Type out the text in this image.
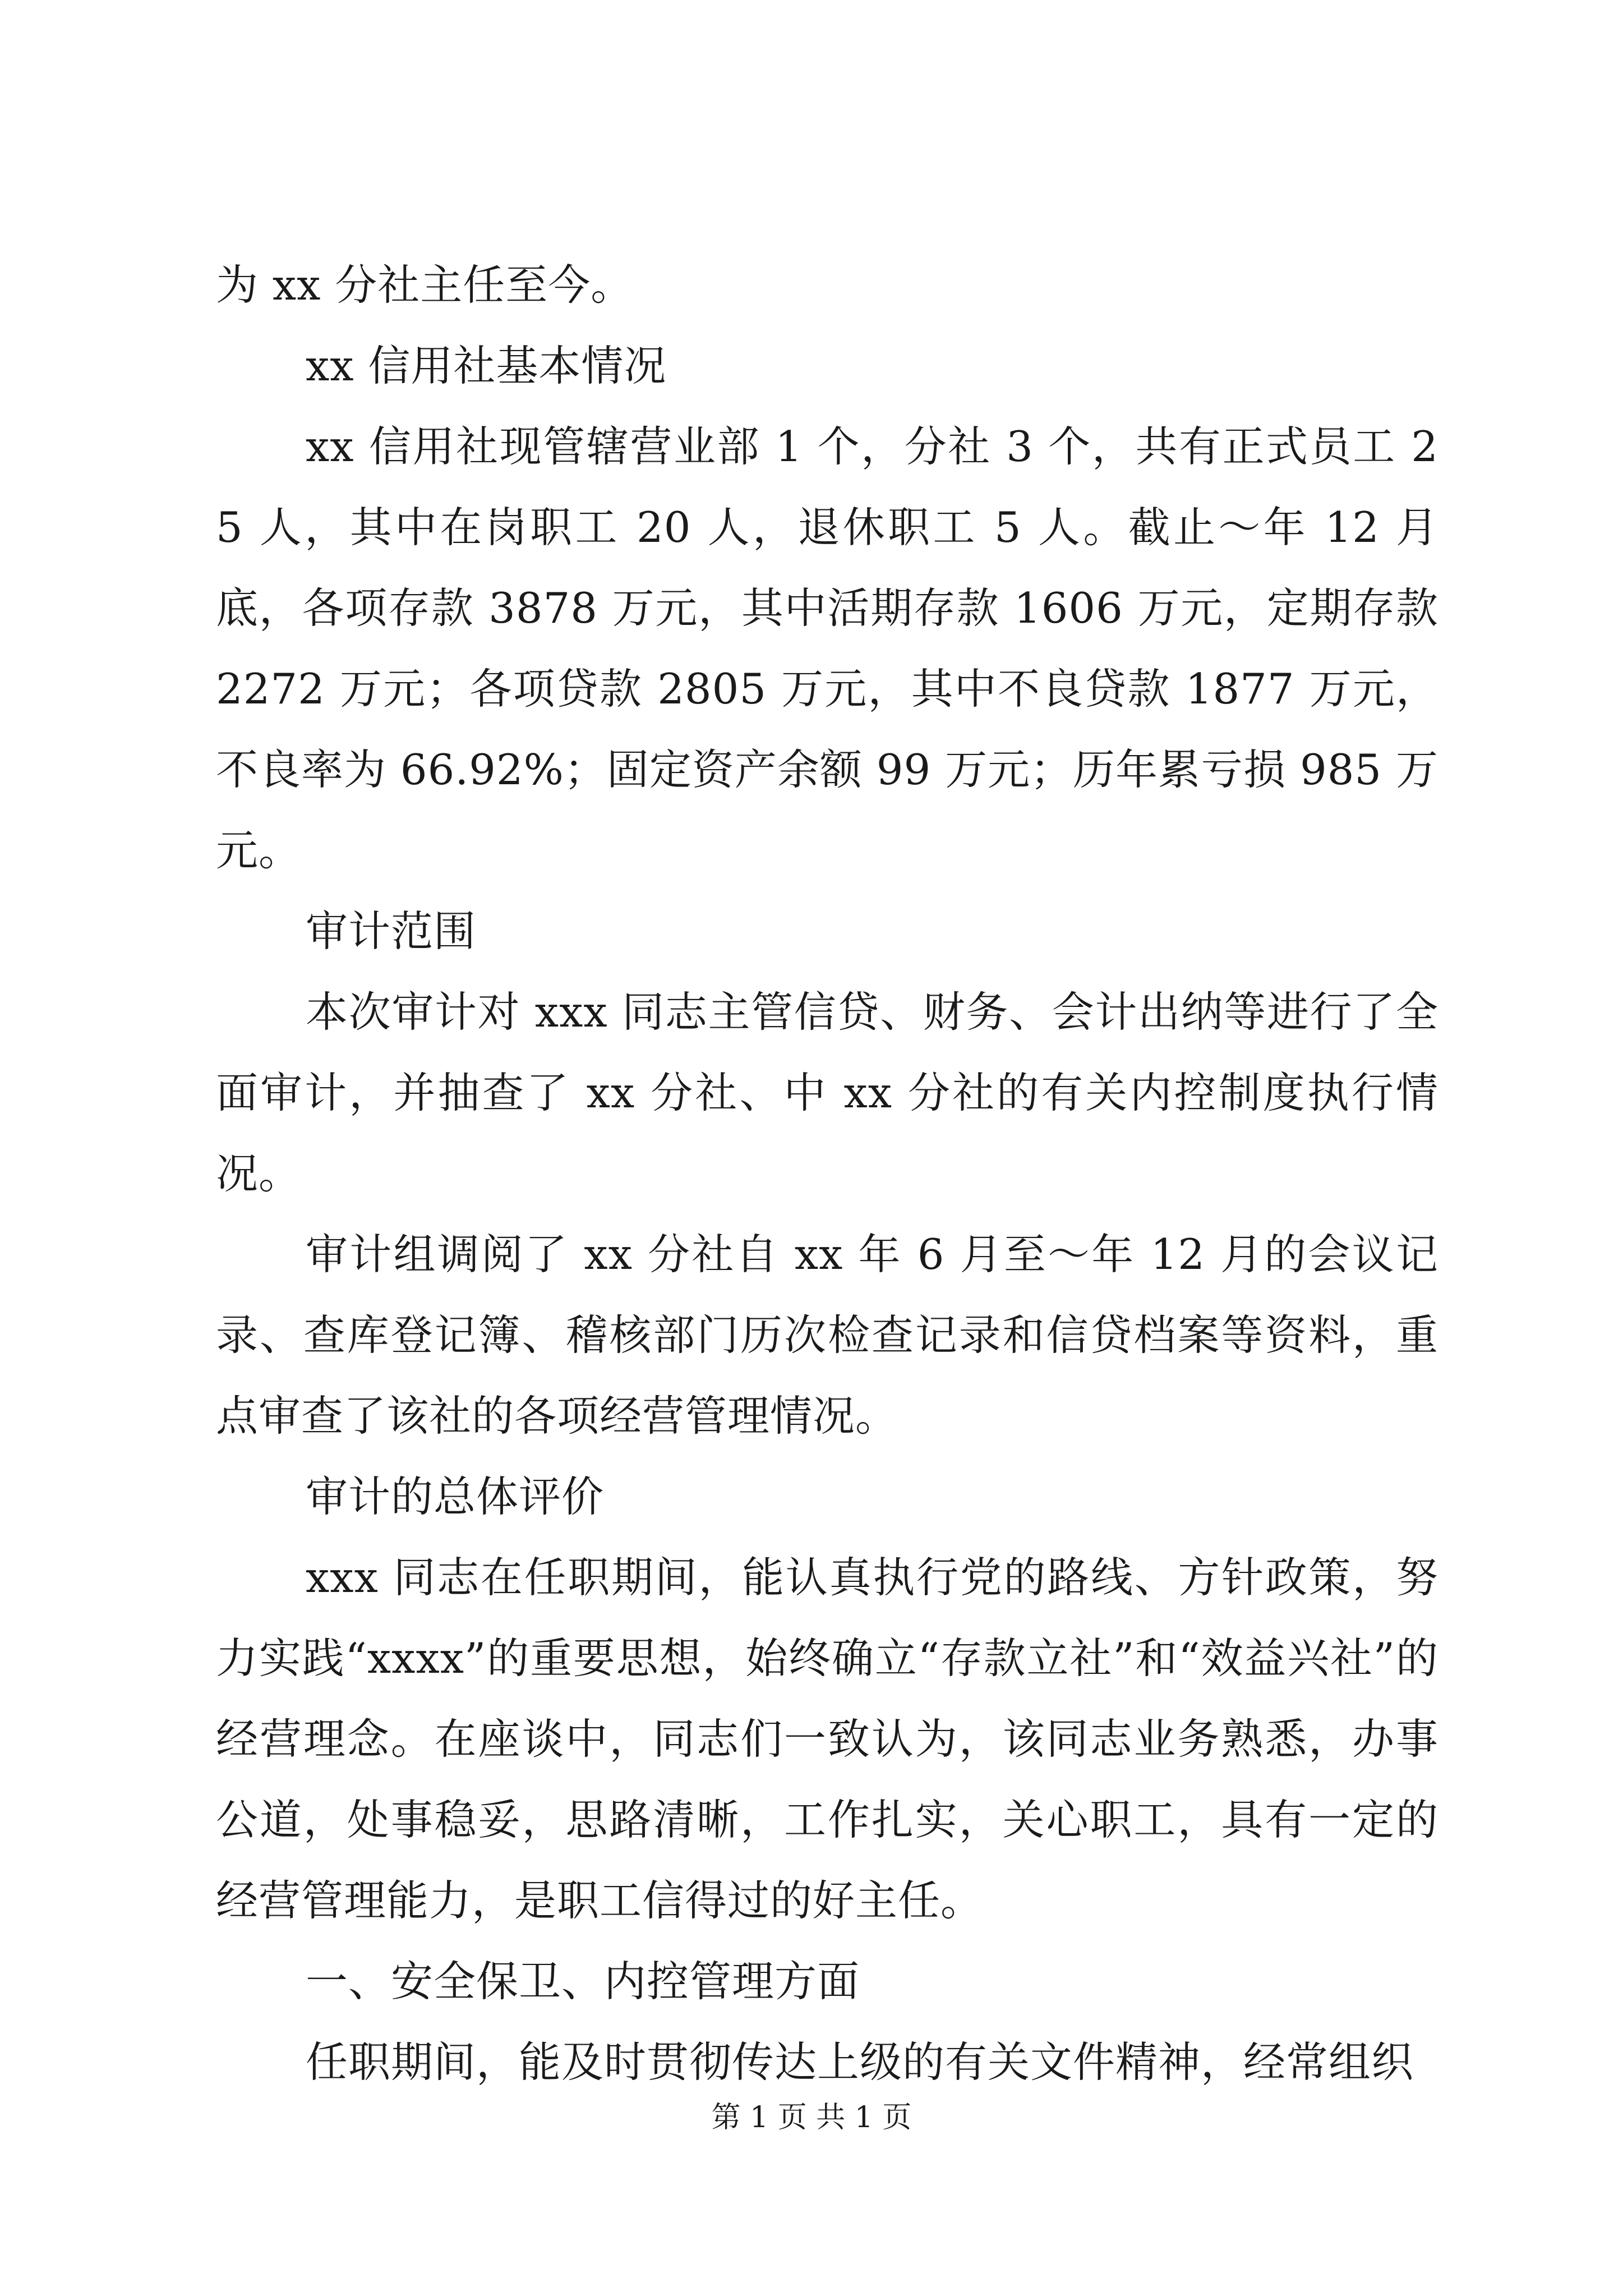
为 xx 分社主任至今。

xx 信用社基本情况

xx 信用社现管辖营业部 1 个，分社 3 个，共有正式员工 25 人，其中在岗职工 20 人，退休职工 5 人。截止～年 12 月底，各项存款 3878 万元，其中活期存款 1606 万元，定期存款 2272 万元；各项贷款 2805 万元，其中不良贷款 1877 万元，不良率为 66.92%；固定资产余额 99 万元；历年累亏损 985 万元。

审计范围

本次审计对 xxx 同志主管信贷、财务、会计出纳等进行了全面审计，并抽查了 xx 分社、中 xx 分社的有关内控制度执行情况。

审计组调阅了 xx 分社自 xx 年 6 月至～年 12 月的会议记录、查库登记簿、稽核部门历次检查记录和信贷档案等资料，重点审查了该社的各项经营管理情况。

审计的总体评价

xxx 同志在任职期间，能认真执行党的路线、方针政策，努力实践“xxxx”的重要思想，始终确立“存款立社”和“效益兴社”的经营理念。在座谈中，同志们一致认为，该同志业务熟悉，办事公道，处事稳妥，思路清晰，工作扎实，关心职工，具有一定的经营管理能力，是职工信得过的好主任。

一、安全保卫、内控管理方面

任职期间，能及时贯彻传达上级的有关文件精神，经常组织

第 1 页 共 1 页
